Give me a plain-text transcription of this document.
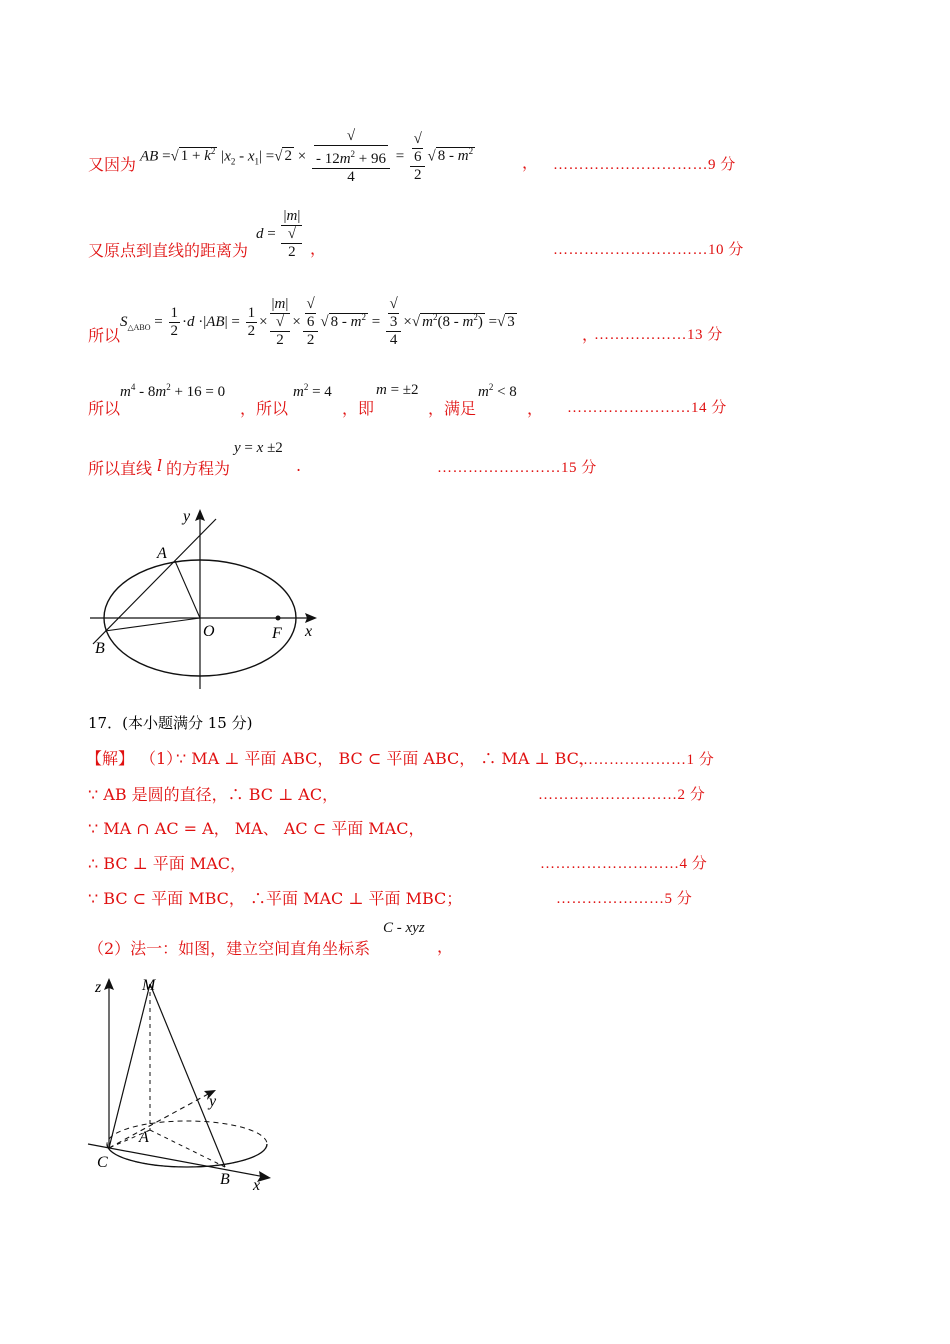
又因为 AB =√ $1 + k^2$ $|x_2 - x_1|$ =√ 2 × √
- $12m^2 + 96$
4 = √
6
2 √ $8 - m^2$
， …………………………9 分
又原点到直线的距离为
d = |m|
√
2 ，	…………………………10 分
所以
$S_{\triangle ABO} = \frac{1}{2} \cdot d \cdot|AB| = \frac{1}{2} \times |m|$
√
2 × √
6
2 √ $8 - m^2$ = √
3
4 ×√ $m^2(8 - m^2)$ =√ 3
，
………………13 分
所以
$m^4 - 8m^2 + 16 = 0$
，所以
$m^2 = 4$
，即
m = ±2
，满足
$m^2 < 8$
， ……………………14 分
所以直线 l 的方程为
y = x ±2
.	……………………15 分
y
A
B
O	F x
17．(本小题满分 15 分)
【解】 （1）
∵ MA ⊥ 平面 ABC， BC ⊂ 平面 ABC， ∴ MA ⊥ BC，
…………………1 分
∵ AB 是圆的直径，∴ BC ⊥ AC，	………………………2 分
∵ MA ∩ AC = A， MA、 AC ⊂ 平面 MAC，
∴ BC ⊥ 平面 MAC，	………………………4 分
∵ BC ⊂ 平面 MBC， ∴平面 MAC ⊥ 平面 MBC；	…………………5 分
（2）法一：如图，建立空间直角坐标系
C - xyz
，
z	M
y
A
C
B x
